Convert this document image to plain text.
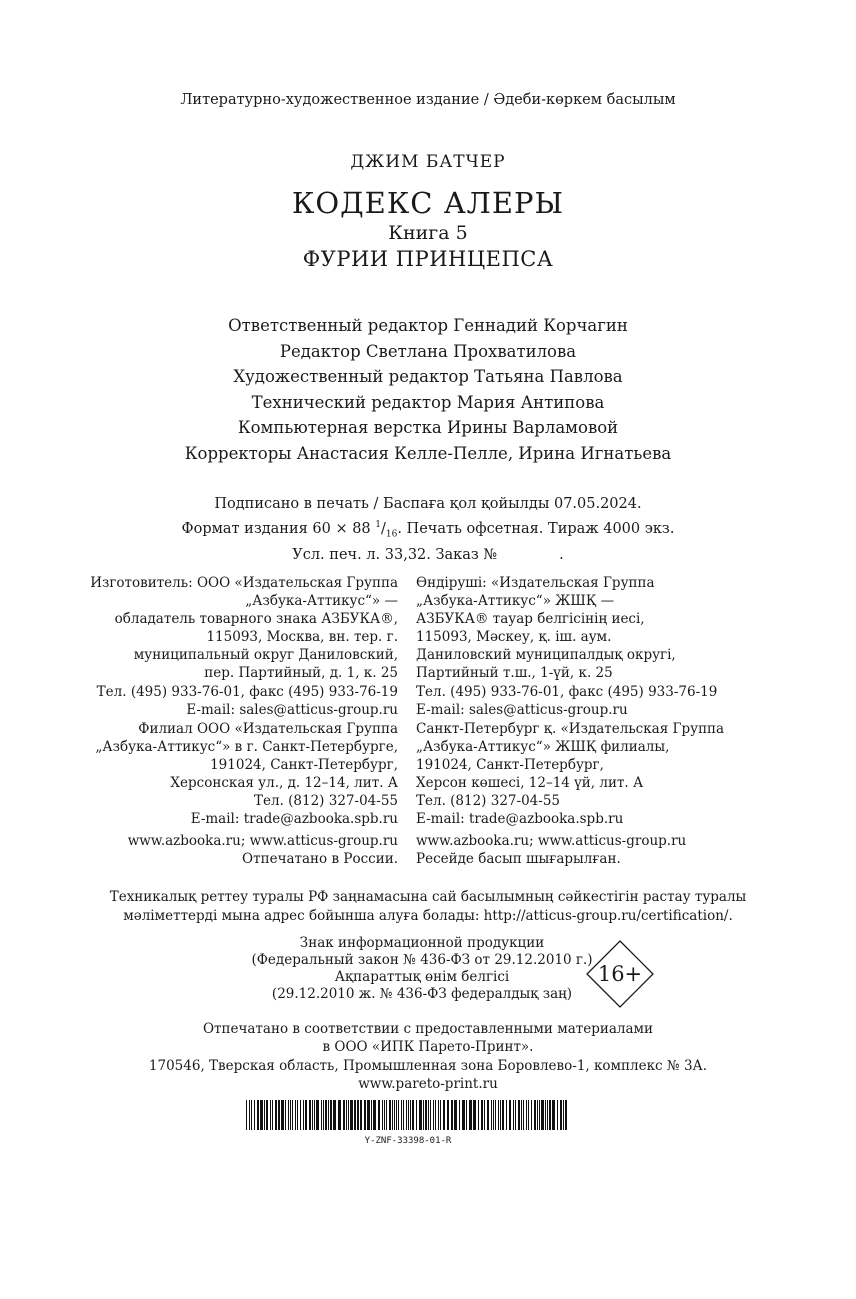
Литературно-художественное издание / Әдеби-көркем басылым
ДЖИМ БАТЧЕР
КОДЕКС АЛЕРЫ
Книга 5
ФУРИИ ПРИНЦЕПСА
Ответственный редактор Геннадий Корчагин
Редактор Светлана Прохватилова
Художественный редактор Татьяна Павлова
Технический редактор Мария Антипова
Компьютерная верстка Ирины Варламовой
Корректоры Анастасия Келле-Пелле, Ирина Игнатьева
Подписано в печать / Баспаға қол қойылды 07.05.2024.
Формат издания 60 × 88 $^1/_{16}$. Печать офсетная. Тираж 4000 экз.
Усл. печ. л. 33,32. Заказ №	.
Изготовитель: ООО «Издательская Группа
„Азбука-Аттикус“» —
обладатель товарного знака АЗБУКА®,
115093, Москва, вн. тер. г.
муниципальный округ Даниловский,
пер. Партийный, д. 1, к. 25
Тел. (495) 933-76-01, факс (495) 933-76-19
E-mail: sales@atticus-group.ru
Өндіруші: «Издательская Группа
„Азбука-Аттикус“» ЖШҚ —
АЗБУКА® тауар белгісінің иесі,
115093, Мәскеу, қ. іш. аум.
Даниловский муниципалдық округі,
Партийный т.ш., 1-үй, к. 25
Тел. (495) 933-76-01, факс (495) 933-76-19
E-mail: sales@atticus-group.ru
Филиал ООО «Издательская Группа
„Азбука-Аттикус“» в г. Санкт-Петербурге,
191024, Санкт-Петербург,
Херсонская ул., д. 12–14, лит. А
Тел. (812) 327-04-55
E-mail: trade@azbooka.spb.ru
Санкт-Петербург қ. «Издательская Группа
„Азбука-Аттикус“» ЖШҚ филиалы,
191024, Санкт-Петербург,
Херсон көшесі, 12–14 үй, лит. А
Тел. (812) 327-04-55
E-mail: trade@azbooka.spb.ru
www.azbooka.ru; www.atticus-group.ru
Отпечатано в России.
www.azbooka.ru; www.atticus-group.ru
Ресейде басып шығарылған.
Техникалық реттеу туралы РФ заңнамасына сай басылымның сәйкестігін растау туралы
мәліметтерді мына адрес бойынша алуға болады: http://atticus-group.ru/certification/.
Знак информационной продукции
(Федеральный закон № 436-ФЗ от 29.12.2010 г.)
Ақпараттық өнім белгісі
(29.12.2010 ж. № 436-ФЗ федералдық заң)
16+
Отпечатано в соответствии с предоставленными материалами
в ООО «ИПК Парето-Принт».
170546, Тверская область, Промышленная зона Боровлево-1, комплекс № 3А.
www.pareto-print.ru
Y-ZNF-33398-01-R
